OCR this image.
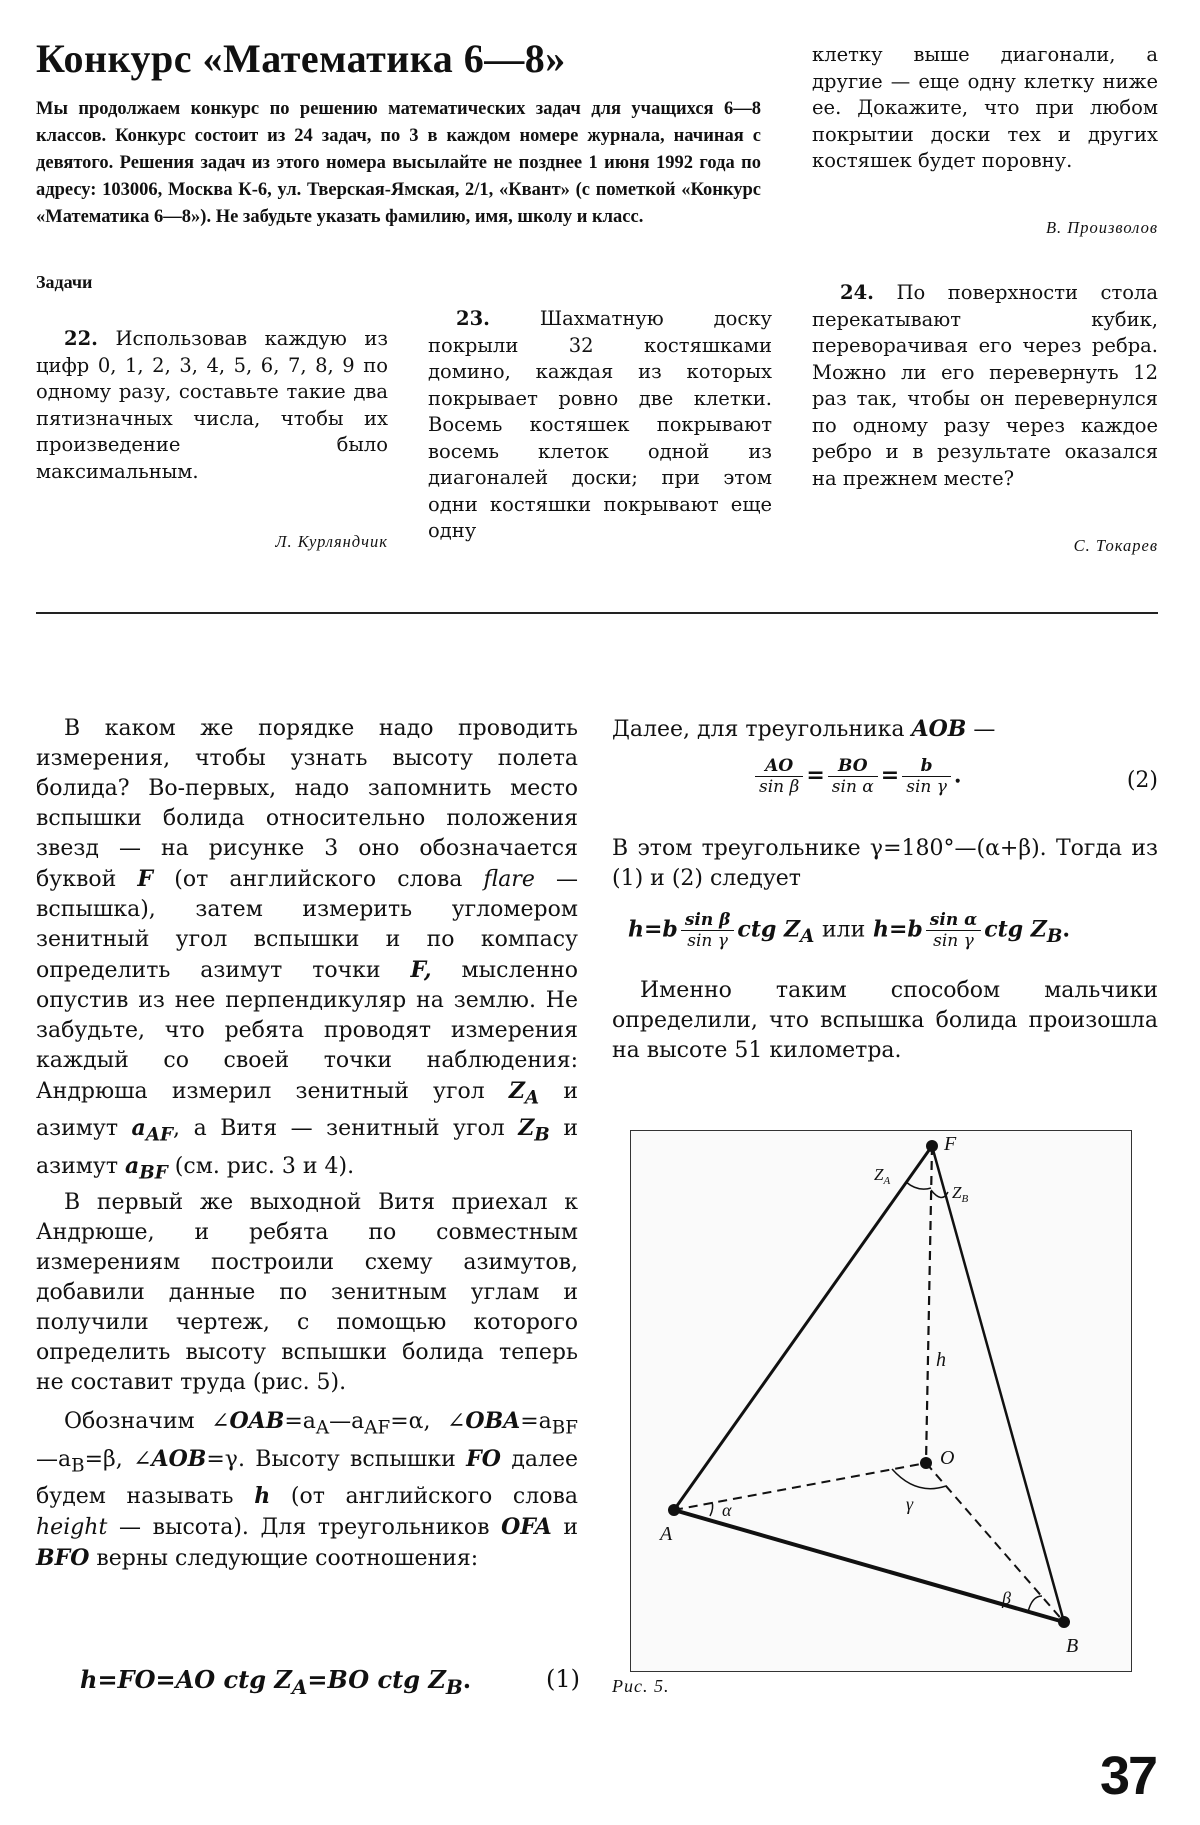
Конкурс «Математика 6—8»

Мы продолжаем конкурс по решению математических задач для учащихся 6—8 классов. Конкурс состоит из 24 задач, по 3 в каждом номере журнала, начиная с девятого. Решения задач из этого номера высылайте не позднее 1 июня 1992 года по адресу: 103006, Москва К-6, ул. Тверская-Ямская, 2/1, «Квант» (с пометкой «Конкурс «Математика 6—8»). Не забудьте указать фамилию, имя, школу и класс.

Задачи
22. Использовав каждую из цифр 0, 1, 2, 3, 4, 5, 6, 7, 8, 9 по одному разу, составьте такие два пятизначных числа, чтобы их произведение было максимальным.
Л. Курляндчик
23.	Шахматную доску покрыли 32 костяшками домино, каждая из которых покрывает ровно две клетки. Восемь костяшек покрывают восемь клеток одной из диагоналей доски; при этом одни костяшки покрывают еще одну
клетку выше диагонали, а другие — еще одну клетку ниже ее. Докажите, что при любом покрытии доски тех и других костяшек будет поровну.
В. Произволов
24. По поверхности стола перекатывают кубик, переворачивая его через ребра. Можно ли его перевернуть 12 раз так, чтобы он перевернулся по одному разу через каждое ребро и в результате оказался на прежнем месте?
С. Токарев

В каком же порядке надо проводить измерения, чтобы узнать высоту полета болида? Во-первых, надо запомнить место вспышки болида относительно положения звезд — на рисунке 3 оно обозначается буквой F (от английского слова flare — вспышка), затем измерить угломером зенитный угол вспышки и по компасу определить азимут точки F, мысленно опустив из нее перпендикуляр на землю. Не забудьте, что ребята проводят измерения каждый со своей точки наблюдения: Андрюша измерил зенитный угол $Z_A$ и азимут $a_{AF}$, а Витя — зенитный угол $Z_B$ и азимут $a_{BF}$ (см. рис. 3 и 4).

В первый же выходной Витя приехал к Андрюше, и ребята по совместным измерениям построили схему азимутов, добавили данные по зенитным углам и получили чертеж, с помощью которого определить высоту вспышки болида теперь не составит труда (рис. 5).

Обозначим $\angle OAB=a_A—a_{AF}=\alpha$, $\angle OBA=a_{BF}—a_B=\beta$, ∠AOB=γ. Высоту вспышки FO далее будем называть h (от английского слова height — высота). Для треугольников OFA и BFO верны следующие соотношения:

h=FO=AO ctg $Z_A=BO$ ctg $Z_B$.	(1)

Далее, для треугольника AOB —

$\frac{AO}{\text{sin β}} = \frac{BO}{\text{sin α}} = \frac{b}{\text{sin γ}}$ .	(2)

В этом треугольнике γ=180°—(α+β). Тогда из (1) и (2) следует

$h=b \frac{\text{sin β}}{\text{sin γ}}$ ctg $Z_A$ или $h=b \frac{\text{sin α}}{\text{sin γ}}$ ctg $Z_B$.

Именно таким способом мальчики определили, что вспышка болида произошла на высоте 51 километра.

F
O
A
B
h
α	γ
β
$Z_A$
$Z_B$
Рис. 5.
37
